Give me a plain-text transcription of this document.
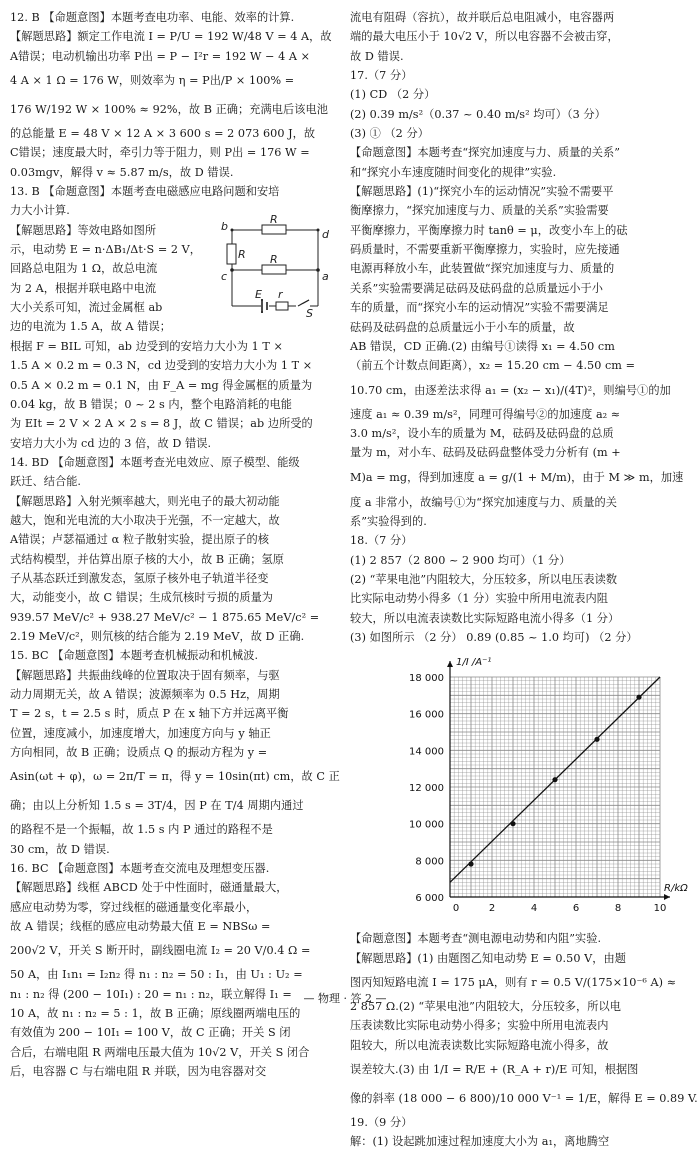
12. B 【命题意图】本题考查电功率、电能、效率的计算.
【解题思路】额定工作电流 I = P/U = 192 W/48 V = 4 A，故
A错误；电动机输出功率 P出 = P − I²r = 192 W − 4 A ×
4 A × 1 Ω = 176 W，则效率为 η = P出/P × 100% =
176 W/192 W × 100% ≈ 92%，故 B 正确；充满电后该电池
的总能量 E = 48 V × 12 A × 3 600 s = 2 073 600 J，故
C错误；速度最大时，牵引力等于阻力，则 P出 = 176 W =
0.03mgv，解得 v ≈ 5.87 m/s，故 D 错误.
13. B 【命题意图】本题考查电磁感应电路问题和安培
力大小计算.
【解题思路】等效电路如图所
示，电动势 E = n·ΔB₁/Δt·S = 2 V，
回路总电阻为 1 Ω，故总电流
为 2 A，根据并联电路中电流
大小关系可知，流过金属框 ab
边的电流为 1.5 A，故 A 错误；
根据 F = BIL 可知，ab 边受到的安培力大小为 1 T ×
1.5 A × 0.2 m = 0.3 N，cd 边受到的安培力大小为 1 T ×
0.5 A × 0.2 m = 0.1 N，由 F_A = mg 得金属框的质量为
0.04 kg，故 B 错误；0 ~ 2 s 内，整个电路消耗的电能
为 EIt = 2 V × 2 A × 2 s = 8 J，故 C 错误；ab 边所受的
安培力大小为 cd 边的 3 倍，故 D 错误.
14. BD 【命题意图】本题考查光电效应、原子模型、能级
跃迁、结合能.
【解题思路】入射光频率越大，则光电子的最大初动能
越大，饱和光电流的大小取决于光强，不一定越大，故
A错误；卢瑟福通过 α 粒子散射实验，提出原子的核
式结构模型，并估算出原子核的大小，故 B 正确；氢原
子从基态跃迁到激发态，氢原子核外电子轨道半径变
大，动能变小，故 C 错误；生成氘核时亏损的质量为
939.57 MeV/c² + 938.27 MeV/c² − 1 875.65 MeV/c² =
2.19 MeV/c²，则氘核的结合能为 2.19 MeV，故 D 正确.
15. BC 【命题意图】本题考查机械振动和机械波.
【解题思路】共振曲线峰的位置取决于固有频率，与驱
动力周期无关，故 A 错误；波源频率为 0.5 Hz，周期
T = 2 s，t = 2.5 s 时，质点 P 在 x 轴下方并远离平衡
位置，速度减小，加速度增大，加速度方向与 y 轴正
方向相同，故 B 正确；设质点 Q 的振动方程为 y =
Asin(ωt + φ)，ω = 2π/T = π，得 y = 10sin(πt) cm，故 C 正
确；由以上分析知 1.5 s = 3T/4，因 P 在 T/4 周期内通过
的路程不是一个振幅，故 1.5 s 内 P 通过的路程不是
30 cm，故 D 错误.
16. BC 【命题意图】本题考查交流电及理想变压器.
【解题思路】线框 ABCD 处于中性面时，磁通量最大，
感应电动势为零，穿过线框的磁通量变化率最小，
故 A 错误；线框的感应电动势最大值 E = NBSω =
200√2 V，开关 S 断开时，副线圈电流 I₂ = 20 V/0.4 Ω =
50 A，由 I₁n₁ = I₂n₂ 得 n₁ : n₂ = 50 : I₁，由 U₁ : U₂ =
n₁ : n₂ 得 (200 − 10I₁) : 20 = n₁ : n₂，联立解得 I₁ =
10 A，故 n₁ : n₂ = 5 : 1，故 B 正确；原线圈两端电压的
有效值为 200 − 10I₁ = 100 V，故 C 正确；开关 S 闭
合后，右端电阻 R 两端电压最大值为 10√2 V，开关 S 闭合
后，电容器 C 与右端电阻 R 并联，因为电容器对交
流电有阻碍（容抗），故并联后总电阻减小，电容器两
端的最大电压小于 10√2 V，所以电容器不会被击穿，
故 D 错误.
17.（7 分）
(1) CD （2 分）
(2) 0.39 m/s²（0.37 ~ 0.40 m/s² 均可）（3 分）
(3) ① （2 分）
【命题意图】本题考查“探究加速度与力、质量的关系”
和“探究小车速度随时间变化的规律”实验.
【解题思路】(1)“探究小车的运动情况”实验不需要平
衡摩擦力，“探究加速度与力、质量的关系”实验需要
平衡摩擦力，平衡摩擦力时 tanθ = μ，改变小车上的砝
码质量时，不需要重新平衡摩擦力，实验时，应先接通
电源再释放小车，此装置做“探究加速度与力、质量的
关系”实验需要满足砝码及砝码盘的总质量远小于小
车的质量，而“探究小车的运动情况”实验不需要满足
砝码及砝码盘的总质量远小于小车的质量，故
AB 错误，CD 正确.(2) 由编号①读得 x₁ = 4.50 cm
（前五个计数点间距离），x₂ = 15.20 cm − 4.50 cm =
10.70 cm，由逐差法求得 a₁ = (x₂ − x₁)/(4T)²，则编号①的加
速度 a₁ ≈ 0.39 m/s²，同理可得编号②的加速度 a₂ ≈
3.0 m/s²，设小车的质量为 M，砝码及砝码盘的总质
量为 m，对小车、砝码及砝码盘整体受力分析有 (m +
M)a = mg，得到加速度 a = g/(1 + M/m)，由于 M ≫ m，加速
度 a 非常小，故编号①为“探究加速度与力、质量的关
系”实验得到的.
18.（7 分）
(1) 2 857（2 800 ~ 2 900 均可）（1 分）
(2) “苹果电池”内阻较大，分压较多，所以电压表读数
比实际电动势小得多（1 分）实验中所用电流表内阻
较大，所以电流表读数比实际短路电流小得多（1 分）
(3) 如图所示 （2 分） 0.89 (0.85 ~ 1.0 均可) （2 分）
6 000
8 000
10 000
12 000
14 000
16 000
18 000
0	2	4	6	8	10
R/kΩ
1/I /A⁻¹
【命题意图】本题考查“测电源电动势和内阻”实验.
【解题思路】(1) 由题图乙知电动势 E = 0.50 V，由题
图丙知短路电流 I = 175 μA，则有 r = 0.5 V/(175×10⁻⁶ A) ≈
2 857 Ω.(2) “苹果电池”内阻较大，分压较多，所以电
压表读数比实际电动势小得多；实验中所用电流表内
阻较大，所以电流表读数比实际短路电流小得多，故
误差较大.(3) 由 1/I = R/E + (R_A + r)/E 可知，根据图
像的斜率 (18 000 − 6 800)/10 000 V⁻¹ = 1/E，解得 E = 0.89 V.
19.（9 分）
解：(1) 设起跳加速过程加速度大小为 a₁，离地腾空
R
R R
b
d
c	a
E r
S
— 物理 · 答 2 —
